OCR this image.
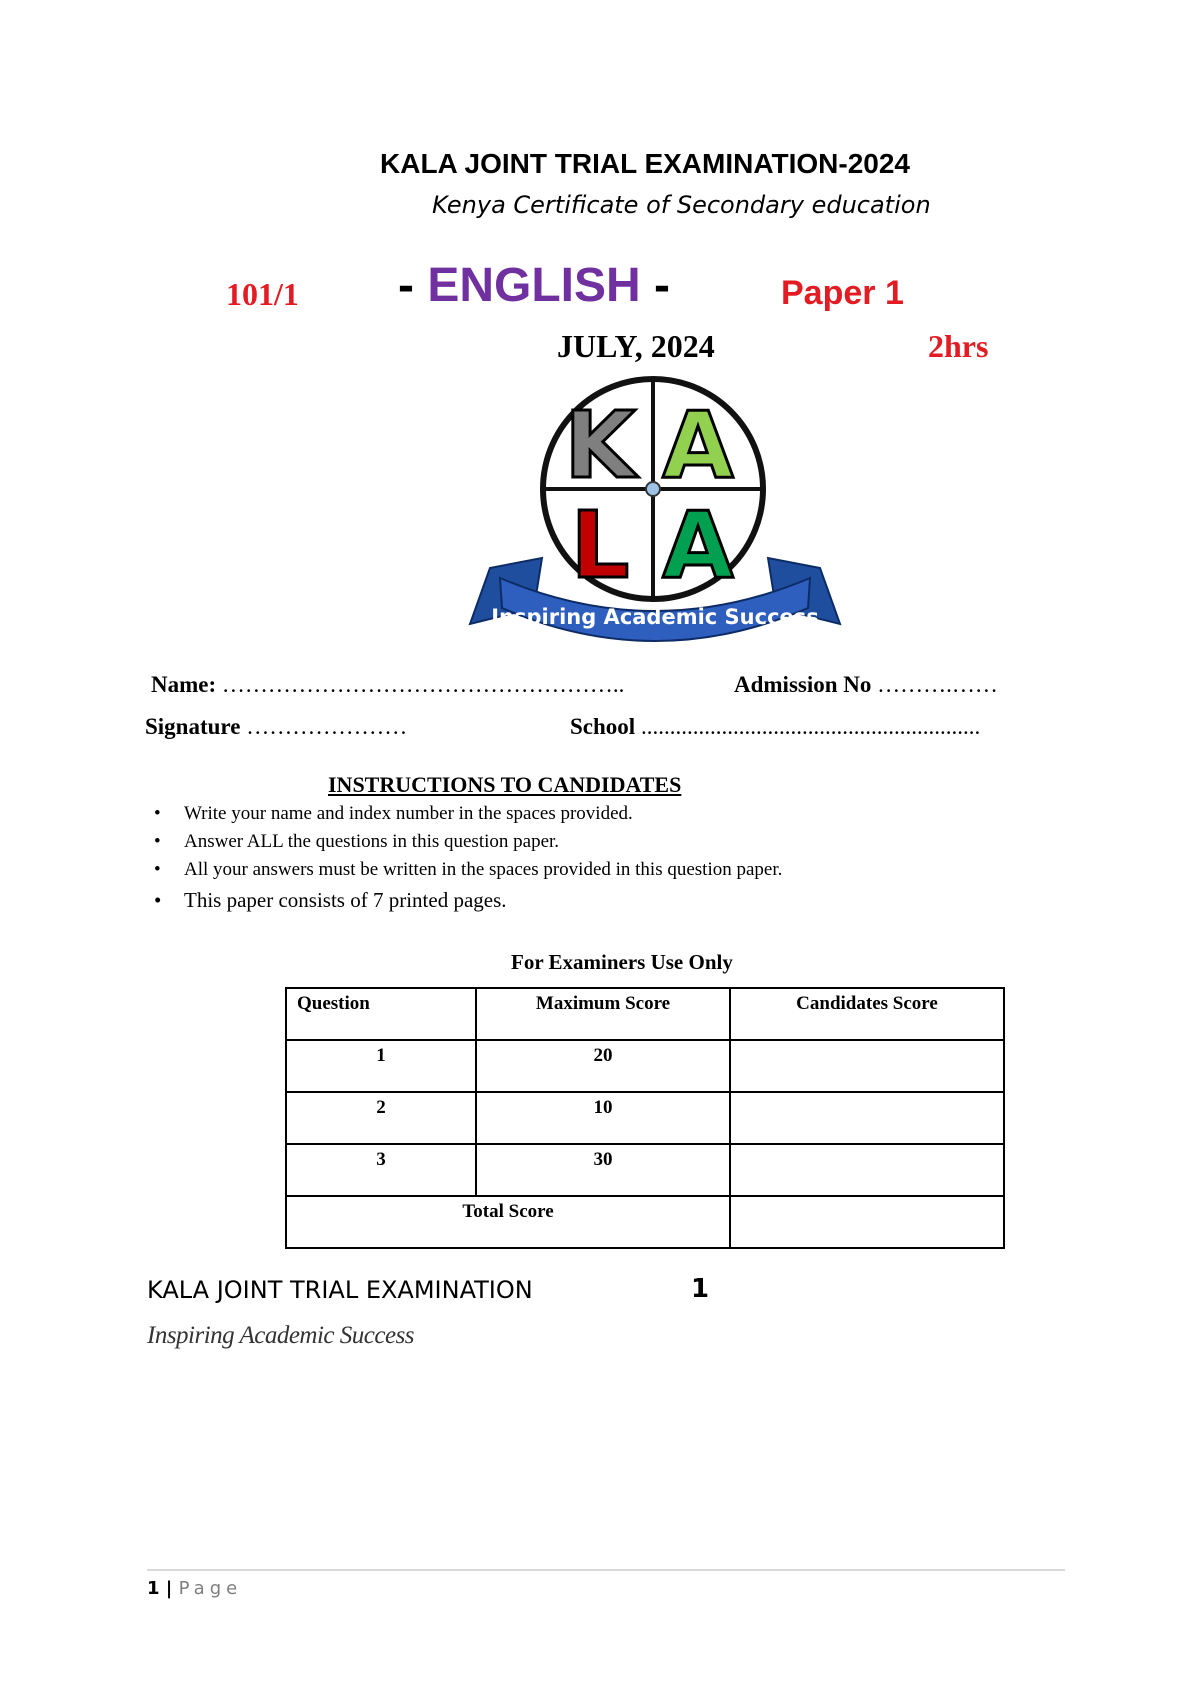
KALA JOINT TRIAL EXAMINATION-2024
Kenya Certificate of Secondary education
101/1 - ENGLISH -	Paper 1
JULY, 2024	2hrs
K A
L A
Inspiring Academic Success
Name: ……………………………………………..	Admission No ……….……
Signature …………………	School ...........................................................
INSTRUCTIONS TO CANDIDATES
• Write your name and index number in the spaces provided.
• Answer ALL the questions in this question paper.
• All your answers must be written in the spaces provided in this question paper.
• This paper consists of 7 printed pages.
For Examiners Use Only
Question	Maximum Score	Candidates Score
1	20	
2	10	
3	30	
Total Score		
KALA JOINT TRIAL EXAMINATION	1
Inspiring Academic Success
1 | Page
